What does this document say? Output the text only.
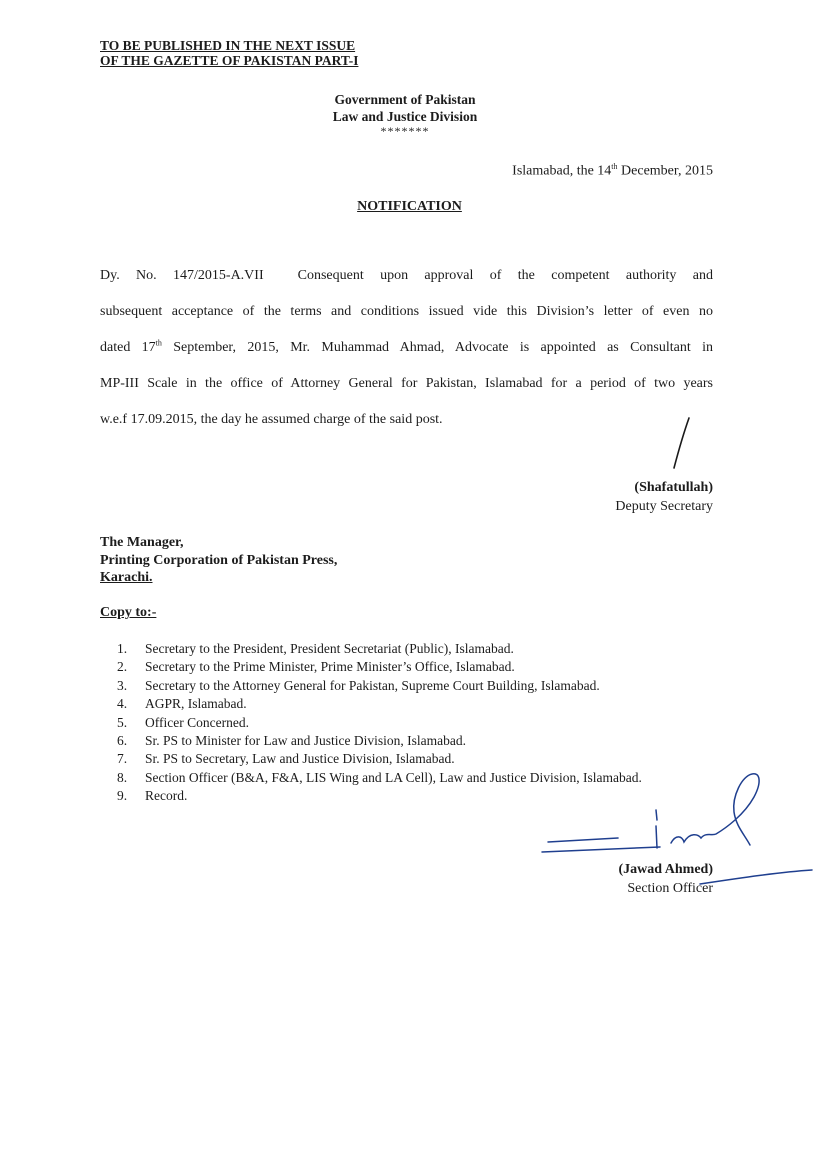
TO BE PUBLISHED IN THE NEXT ISSUE
OF THE GAZETTE OF PAKISTAN PART-I
Government of Pakistan
Law and Justice Division
*******
Islamabad, the 14th December, 2015
NOTIFICATION

Dy. No. 147/2015-A.VII Consequent upon approval of the competent authority and

subsequent acceptance of the terms and conditions issued vide this Division’s letter of even no

dated 17th September, 2015, Mr. Muhammad Ahmad, Advocate is appointed as Consultant in

MP-III Scale in the office of Attorney General for Pakistan, Islamabad for a period of two years

w.e.f 17.09.2015, the day he assumed charge of the said post.

(Shafatullah)
Deputy Secretary
The Manager,
Printing Corporation of Pakistan Press,
Karachi.
Copy to:-
1.	Secretary to the President, President Secretariat (Public), Islamabad.
2.	Secretary to the Prime Minister, Prime Minister’s Office, Islamabad.
3.	Secretary to the Attorney General for Pakistan, Supreme Court Building, Islamabad.
4.	AGPR, Islamabad.
5.	Officer Concerned.
6.	Sr. PS to Minister for Law and Justice Division, Islamabad.
7.	Sr. PS to Secretary, Law and Justice Division, Islamabad.
8.	Section Officer (B&A, F&A, LIS Wing and LA Cell), Law and Justice Division, Islamabad.
9.	Record.
(Jawad Ahmed)
Section Officer
